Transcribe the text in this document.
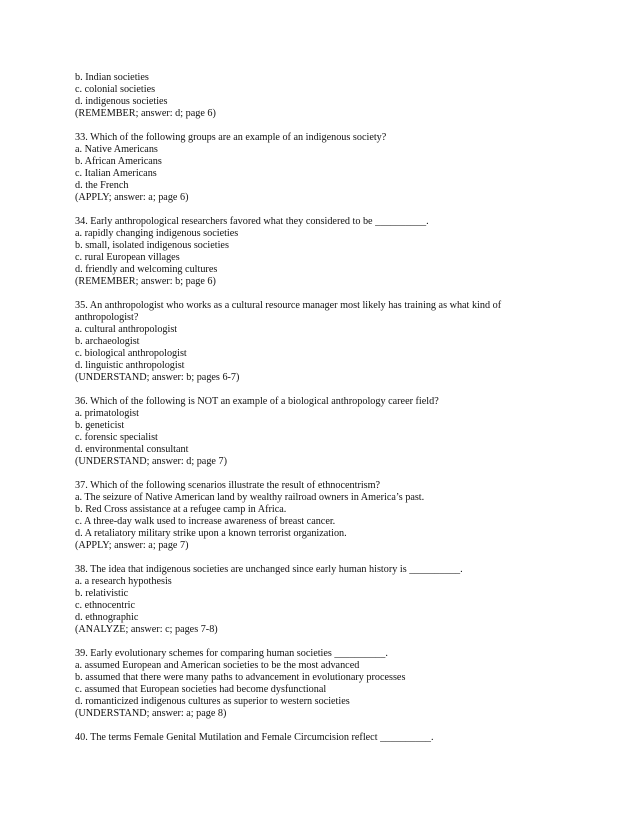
b. Indian societies
c. colonial societies
d. indigenous societies
(REMEMBER; answer: d; page 6)
33. Which of the following groups are an example of an indigenous society?
a. Native Americans
b. African Americans
c. Italian Americans
d. the French
(APPLY; answer: a; page 6)
34. Early anthropological researchers favored what they considered to be __________.
a. rapidly changing indigenous societies
b. small, isolated indigenous societies
c. rural European villages
d. friendly and welcoming cultures
(REMEMBER; answer: b; page 6)
35. An anthropologist who works as a cultural resource manager most likely has training as what kind of
anthropologist?
a. cultural anthropologist
b. archaeologist
c. biological anthropologist
d. linguistic anthropologist
(UNDERSTAND; answer: b; pages 6-7)
36. Which of the following is NOT an example of a biological anthropology career field?
a. primatologist
b. geneticist
c. forensic specialist
d. environmental consultant
(UNDERSTAND; answer: d; page 7)
37. Which of the following scenarios illustrate the result of ethnocentrism?
a. The seizure of Native American land by wealthy railroad owners in America’s past.
b. Red Cross assistance at a refugee camp in Africa.
c. A three-day walk used to increase awareness of breast cancer.
d. A retaliatory military strike upon a known terrorist organization.
(APPLY; answer: a; page 7)
38. The idea that indigenous societies are unchanged since early human history is __________.
a. a research hypothesis
b. relativistic
c. ethnocentric
d. ethnographic
(ANALYZE; answer: c; pages 7-8)
39. Early evolutionary schemes for comparing human societies __________.
a. assumed European and American societies to be the most advanced
b. assumed that there were many paths to advancement in evolutionary processes
c. assumed that European societies had become dysfunctional
d. romanticized indigenous cultures as superior to western societies
(UNDERSTAND; answer: a; page 8)
40. The terms Female Genital Mutilation and Female Circumcision reflect __________.
